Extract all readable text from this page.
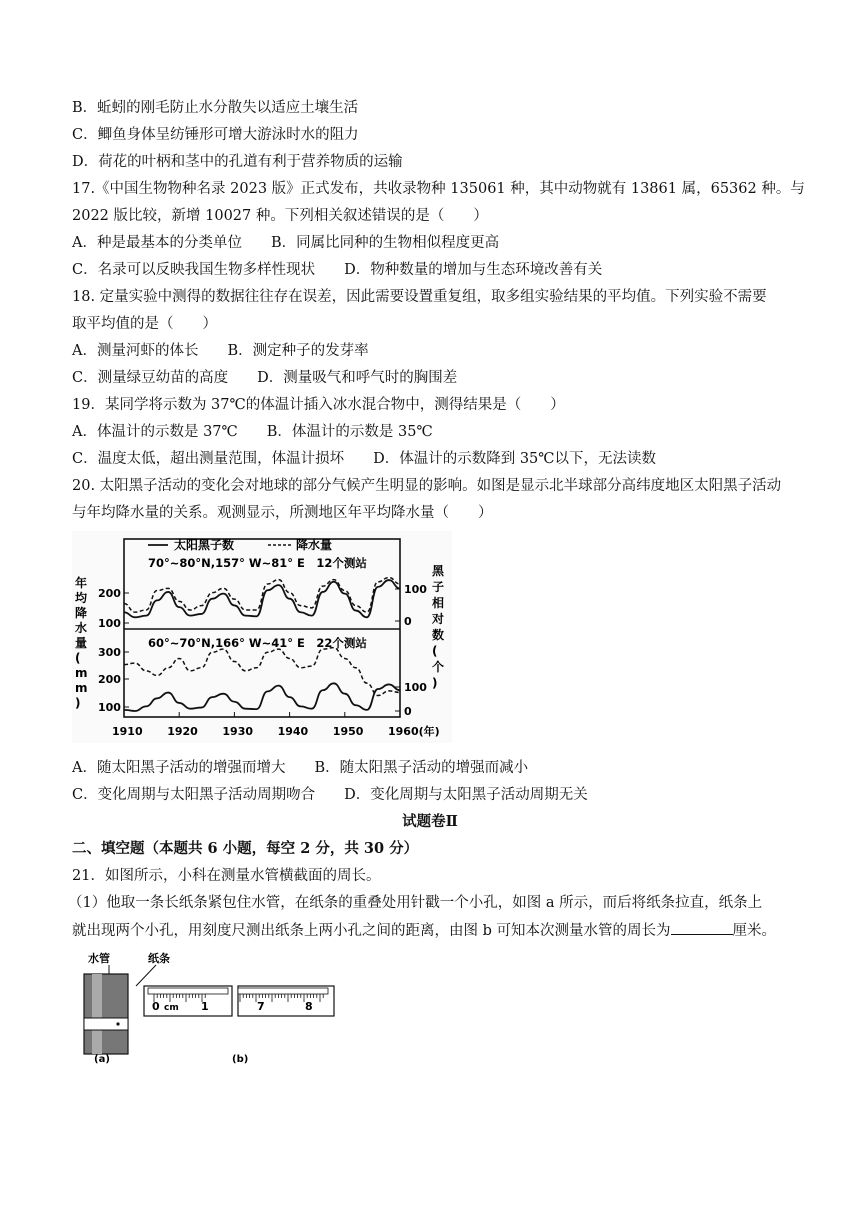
B．蚯蚓的刚毛防止水分散失以适应土壤生活
C．鲫鱼身体呈纺锤形可增大游泳时水的阻力
D．荷花的叶柄和茎中的孔道有利于营养物质的运输
17.《中国生物物种名录 2023 版》正式发布，共收录物种 135061 种，其中动物就有 13861 属，65362 种。与
2022 版比较，新增 10027 种。下列相关叙述错误的是（　　）
A．种是最基本的分类单位　　B．同属比同种的生物相似程度更高
C．名录可以反映我国生物多样性现状　　D．物种数量的增加与生态环境改善有关
18. 定量实验中测得的数据往往存在误差，因此需要设置重复组，取多组实验结果的平均值。下列实验不需要
取平均值的是（　　）
A．测量河虾的体长　　B．测定种子的发芽率
C．测量绿豆幼苗的高度　　D．测量吸气和呼气时的胸围差
19．某同学将示数为 37℃的体温计插入冰水混合物中，测得结果是（　　）
A．体温计的示数是 37℃　　B．体温计的示数是 35℃
C．温度太低，超出测量范围，体温计损坏　　D．体温计的示数降到 35℃以下，无法读数
20. 太阳黑子活动的变化会对地球的部分气候产生明显的影响。如图是显示北半球部分高纬度地区太阳黑子活动
与年均降水量的关系。观测显示，所测地区年平均降水量（　　）
太阳黑子数	降水量
70°~80°N,157° W~81° E　12个测站
60°~70°N,166° W~41° E　22个测站
年
均
降
水
量
(
m
m
)
黑
子
相
对
数
(
个
)
200
100
300
200
100
100
0
100
0
1910 1920 1930 1940 1950 1960(年)
A．随太阳黑子活动的增强而增大　　B．随太阳黑子活动的增强而减小
C．变化周期与太阳黑子活动周期吻合　　D．变化周期与太阳黑子活动周期无关
试题卷Ⅱ
二、填空题（本题共 6 小题，每空 2 分，共 30 分）
21．如图所示，小科在测量水管横截面的周长。
（1）他取一条长纸条紧包住水管，在纸条的重叠处用针戳一个小孔，如图 a 所示，而后将纸条拉直，纸条上
就出现两个小孔，用刻度尺测出纸条上两小孔之间的距离，由图 b 可知本次测量水管的周长为	厘米。
水管	纸条
(a)
0 cm 1	7	8
(b)
